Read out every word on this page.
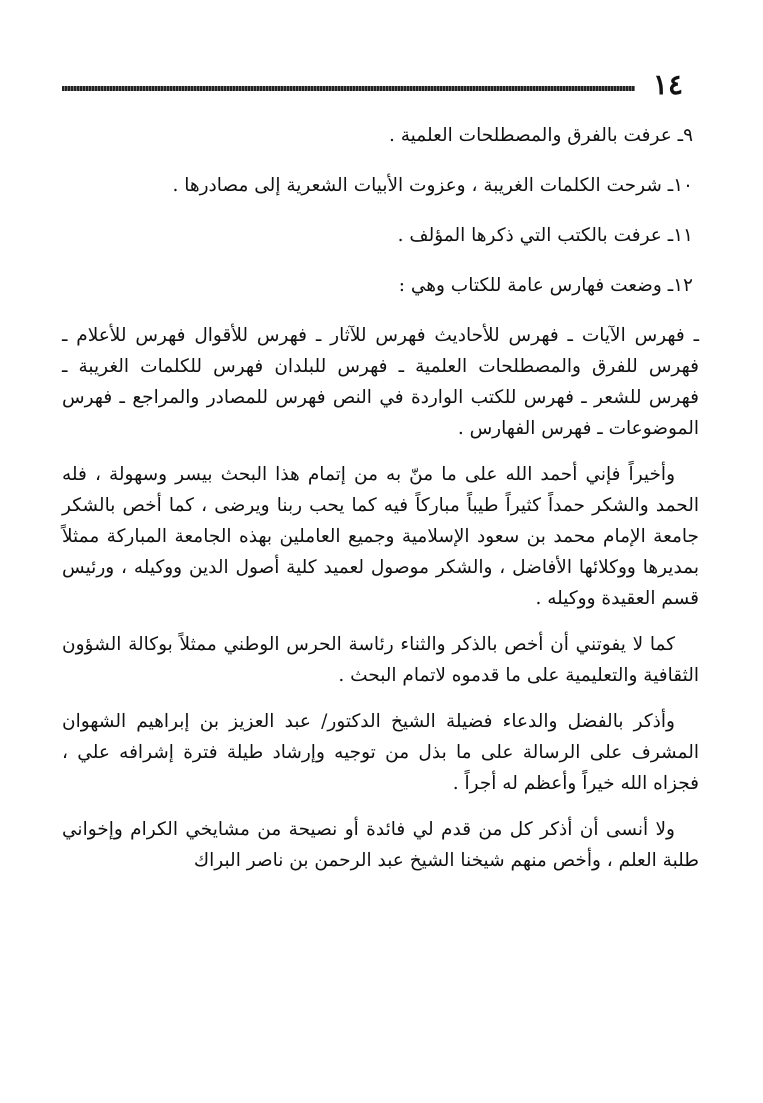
١٤
٩ـ عرفت بالفرق والمصطلحات العلمية .
١٠ـ شرحت الكلمات الغريبة ، وعزوت الأبيات الشعرية إلى مصادرها .
١١ـ عرفت بالكتب التي ذكرها المؤلف .
١٢ـ وضعت فهارس عامة للكتاب وهي :

ـ فهرس الآيات ـ فهرس للأحاديث فهرس للآثار ـ فهرس للأقوال فهرس للأعلام ـ فهرس للفرق والمصطلحات العلمية ـ فهرس للبلدان فهرس للكلمات الغريبة ـ فهرس للشعر ـ فهرس للكتب الواردة في النص فهرس للمصادر والمراجع ـ فهرس الموضوعات ـ فهرس الفهارس .

وأخيراً فإني أحمد الله على ما منّ به من إتمام هذا البحث بيسر وسهولة ، فله الحمد والشكر حمداً كثيراً طيباً مباركاً فيه كما يحب ربنا ويرضى ، كما أخص بالشكر جامعة الإمام محمد بن سعود الإسلامية وجميع العاملين بهذه الجامعة المباركة ممثلاً بمديرها ووكلائها الأفاضل ، والشكر موصول لعميد كلية أصول الدين ووكيله ، ورئيس قسم العقيدة ووكيله .

كما لا يفوتني أن أخص بالذكر والثناء رئاسة الحرس الوطني ممثلاً بوكالة الشؤون الثقافية والتعليمية على ما قدموه لاتمام البحث .

وأذكر بالفضل والدعاء فضيلة الشيخ الدكتور/ عبد العزيز بن إبراهيم الشهوان المشرف على الرسالة على ما بذل من توجيه وإرشاد طيلة فترة إشرافه علي ، فجزاه الله خيراً وأعظم له أجراً .

ولا أنسى أن أذكر كل من قدم لي فائدة أو نصيحة من مشايخي الكرام وإخواني طلبة العلم ، وأخص منهم شيخنا الشيخ عبد الرحمن بن ناصر البراك
